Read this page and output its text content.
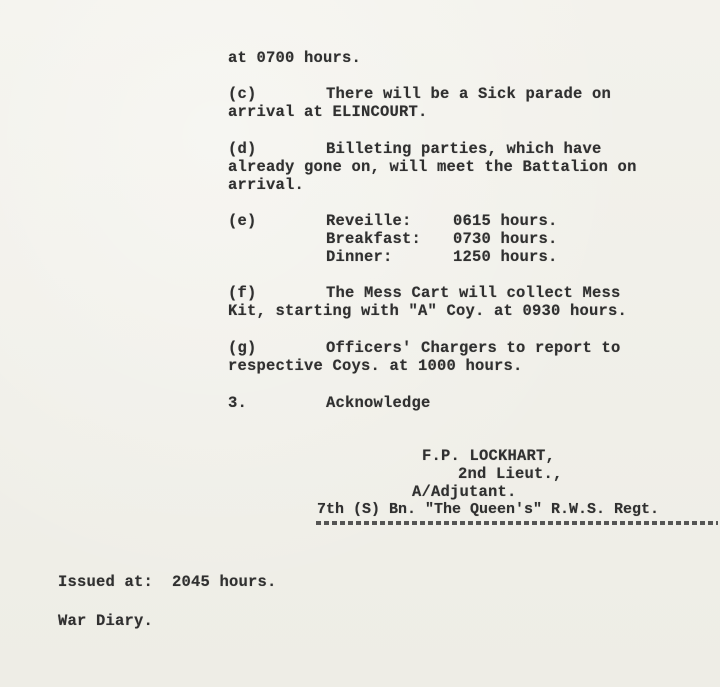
at 0700 hours.
(c)	There will be a Sick parade on
arrival at ELINCOURT.
(d)	Billeting parties, which have
already gone on, will meet the Battalion on
arrival.
(e)	Reveille:	0615 hours.
Breakfast: 0730 hours.
Dinner:	1250 hours.
(f)	The Mess Cart will collect Mess
Kit, starting with "A" Coy. at 0930 hours.
(g)	Officers' Chargers to report to
respective Coys. at 1000 hours.
3.	Acknowledge
F.P. LOCKHART,
2nd Lieut.,
A/Adjutant.
7th (S) Bn. "The Queen's" R.W.S. Regt.
Issued at:  2045 hours.
War Diary.
